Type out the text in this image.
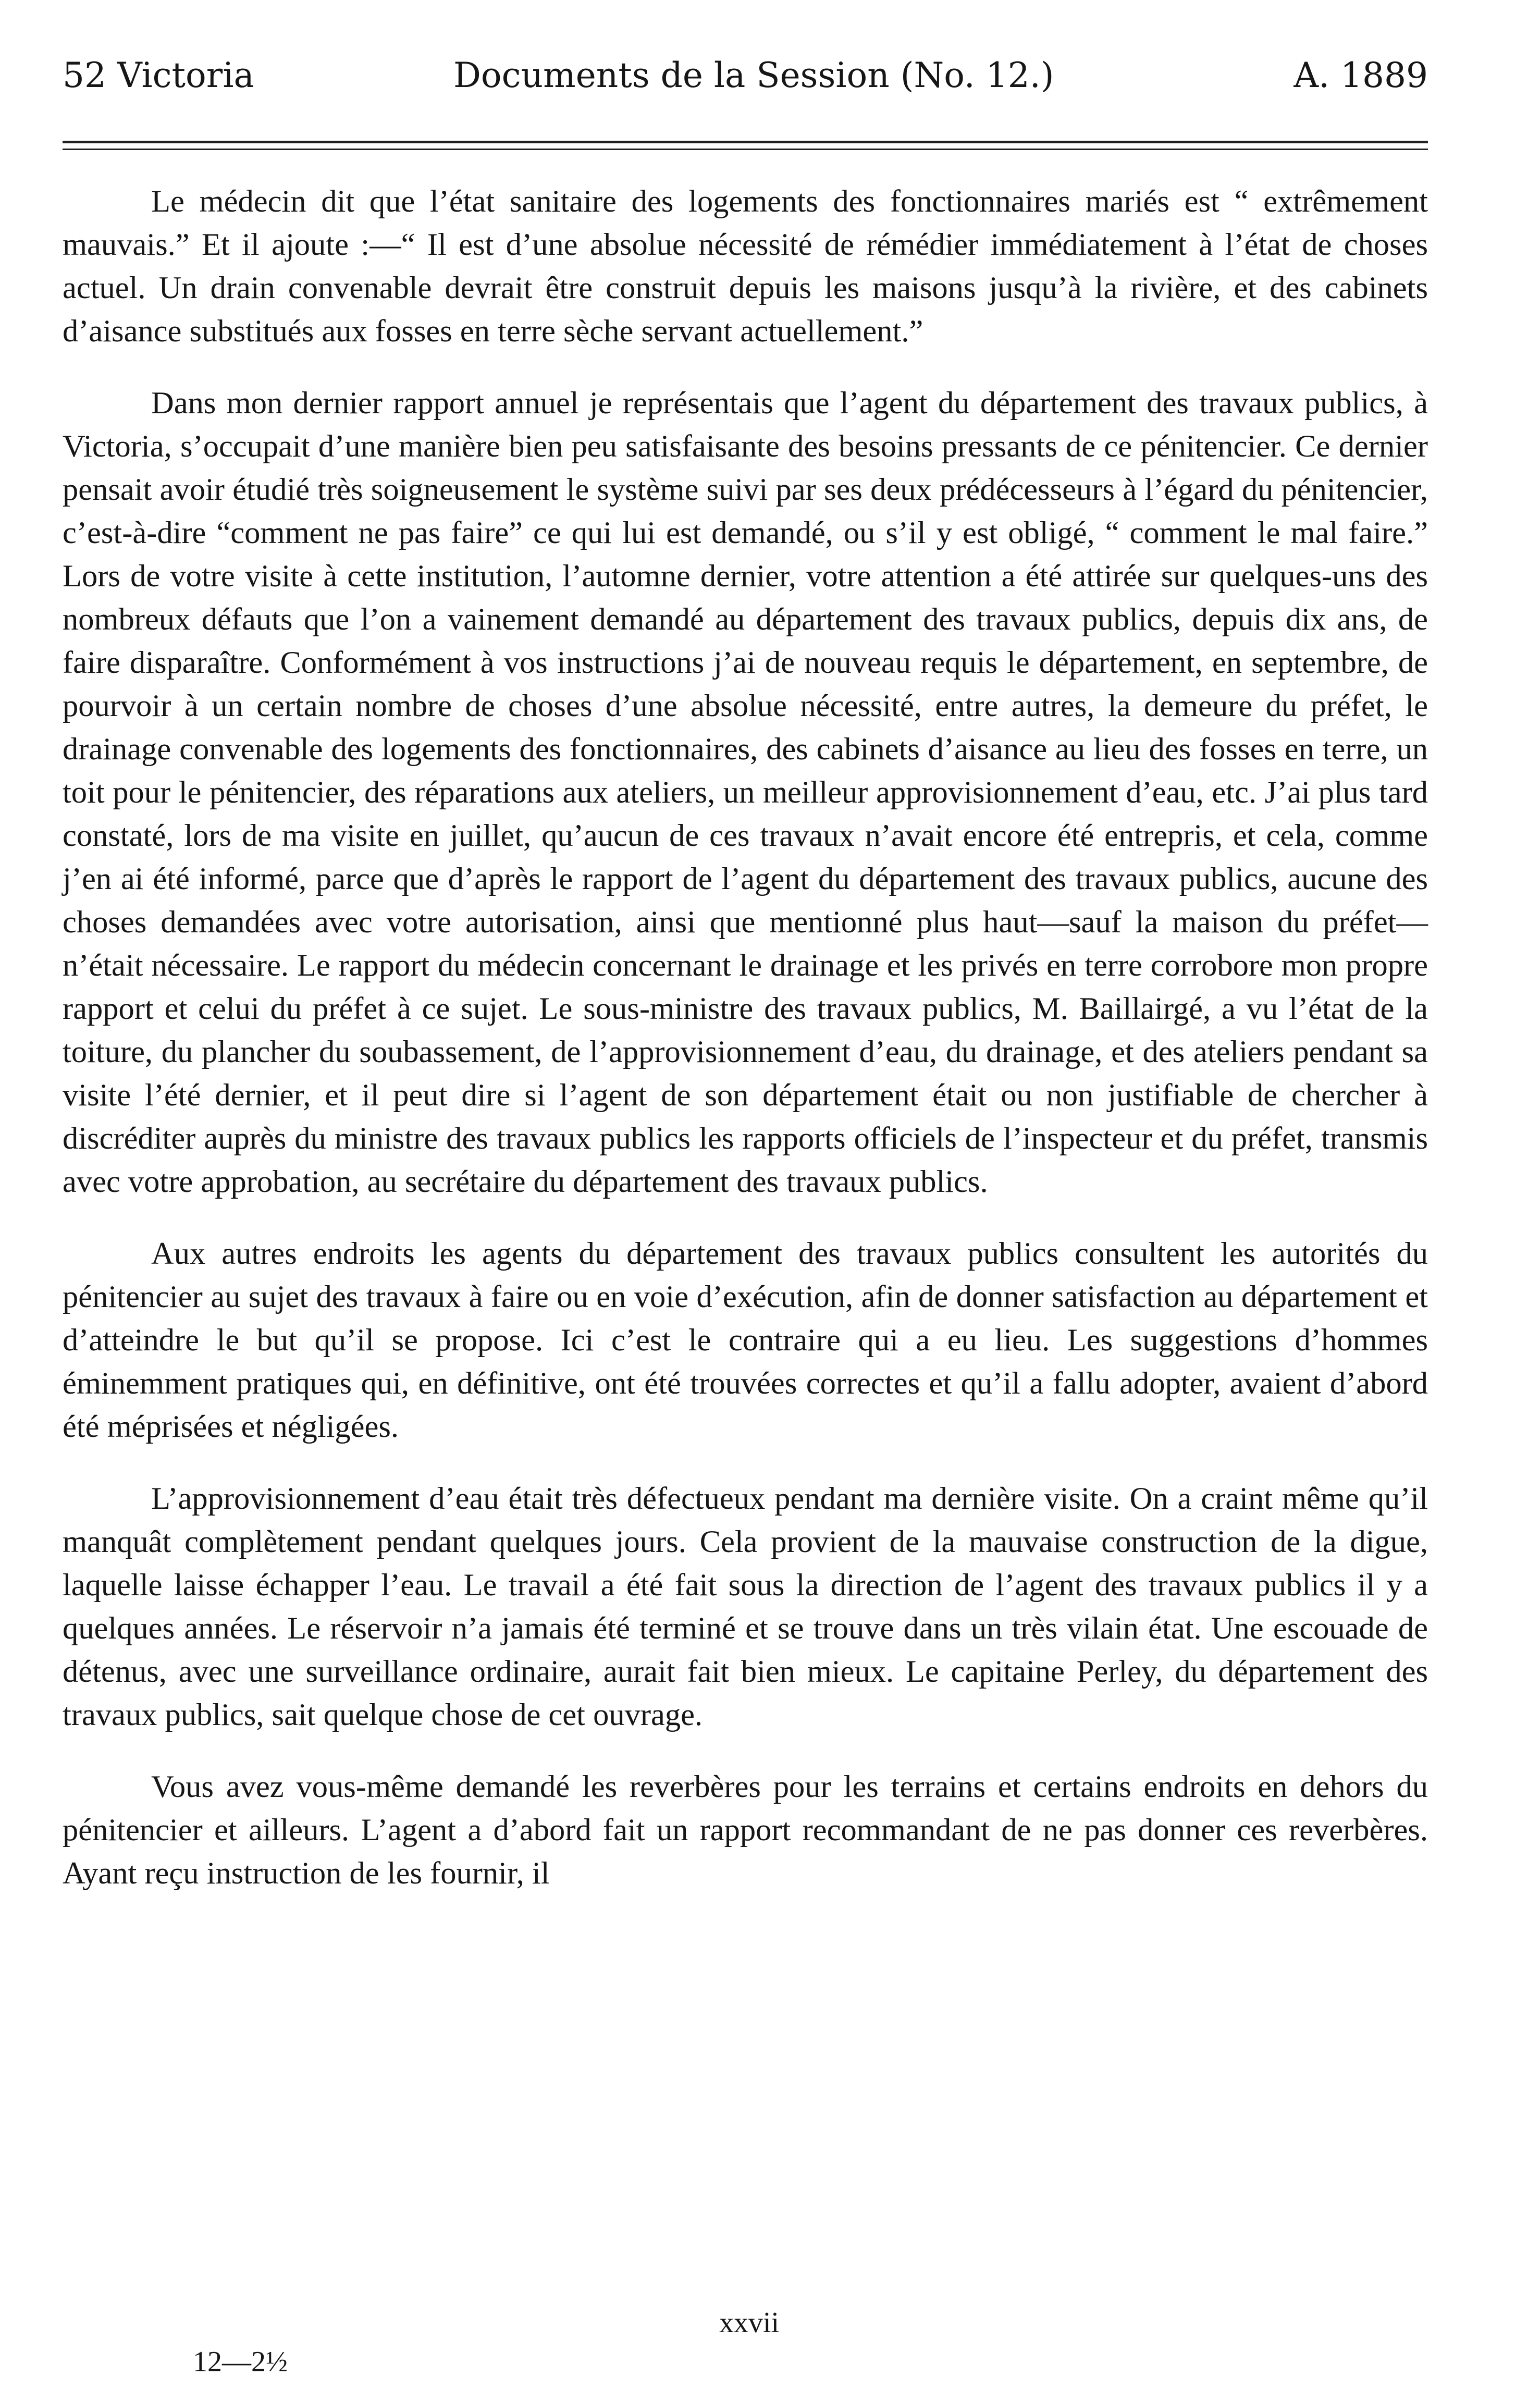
52 Victoria	Documents de la Session (No. 12.)	A. 1889

Le médecin dit que l’état sanitaire des logements des fonctionnaires mariés est “ extrêmement mauvais.” Et il ajoute :—“ Il est d’une absolue nécessité de rémédier immédiatement à l’état de choses actuel. Un drain convenable devrait être construit depuis les maisons jusqu’à la rivière, et des cabinets d’aisance substitués aux fosses en terre sèche servant actuellement.”

Dans mon dernier rapport annuel je représentais que l’agent du département des travaux publics, à Victoria, s’occupait d’une manière bien peu satisfaisante des besoins pressants de ce pénitencier. Ce dernier pensait avoir étudié très soigneusement le système suivi par ses deux prédécesseurs à l’égard du pénitencier, c’est-à-dire “comment ne pas faire” ce qui lui est demandé, ou s’il y est obligé, “ comment le mal faire.” Lors de votre visite à cette institution, l’automne dernier, votre attention a été attirée sur quelques-uns des nombreux défauts que l’on a vainement demandé au département des travaux publics, depuis dix ans, de faire disparaître. Conformément à vos instructions j’ai de nouveau requis le département, en septembre, de pourvoir à un certain nombre de choses d’une absolue nécessité, entre autres, la demeure du préfet, le drainage convenable des logements des fonctionnaires, des cabinets d’aisance au lieu des fosses en terre, un toit pour le pénitencier, des réparations aux ateliers, un meilleur approvisionnement d’eau, etc. J’ai plus tard constaté, lors de ma visite en juillet, qu’aucun de ces travaux n’avait encore été entrepris, et cela, comme j’en ai été informé, parce que d’après le rapport de l’agent du département des travaux publics, aucune des choses demandées avec votre autorisation, ainsi que mentionné plus haut—sauf la maison du préfet—n’était nécessaire. Le rapport du médecin concernant le drainage et les privés en terre corrobore mon propre rapport et celui du préfet à ce sujet. Le sous-ministre des travaux publics, M. Baillairgé, a vu l’état de la toiture, du plancher du soubassement, de l’approvisionnement d’eau, du drainage, et des ateliers pendant sa visite l’été dernier, et il peut dire si l’agent de son département était ou non justifiable de chercher à discréditer auprès du ministre des travaux publics les rapports officiels de l’inspecteur et du préfet, transmis avec votre approbation, au secrétaire du département des travaux publics.

Aux autres endroits les agents du département des travaux publics consultent les autorités du pénitencier au sujet des travaux à faire ou en voie d’exécution, afin de donner satisfaction au département et d’atteindre le but qu’il se propose. Ici c’est le contraire qui a eu lieu. Les suggestions d’hommes éminemment pratiques qui, en définitive, ont été trouvées correctes et qu’il a fallu adopter, avaient d’abord été méprisées et négligées.

L’approvisionnement d’eau était très défectueux pendant ma dernière visite. On a craint même qu’il manquât complètement pendant quelques jours. Cela provient de la mauvaise construction de la digue, laquelle laisse échapper l’eau. Le travail a été fait sous la direction de l’agent des travaux publics il y a quelques années. Le réservoir n’a jamais été terminé et se trouve dans un très vilain état. Une escouade de détenus, avec une surveillance ordinaire, aurait fait bien mieux. Le capitaine Perley, du département des travaux publics, sait quelque chose de cet ouvrage.

Vous avez vous-même demandé les reverbères pour les terrains et certains endroits en dehors du pénitencier et ailleurs. L’agent a d’abord fait un rapport recommandant de ne pas donner ces reverbères. Ayant reçu instruction de les fournir, il

xxvii
12—2½
